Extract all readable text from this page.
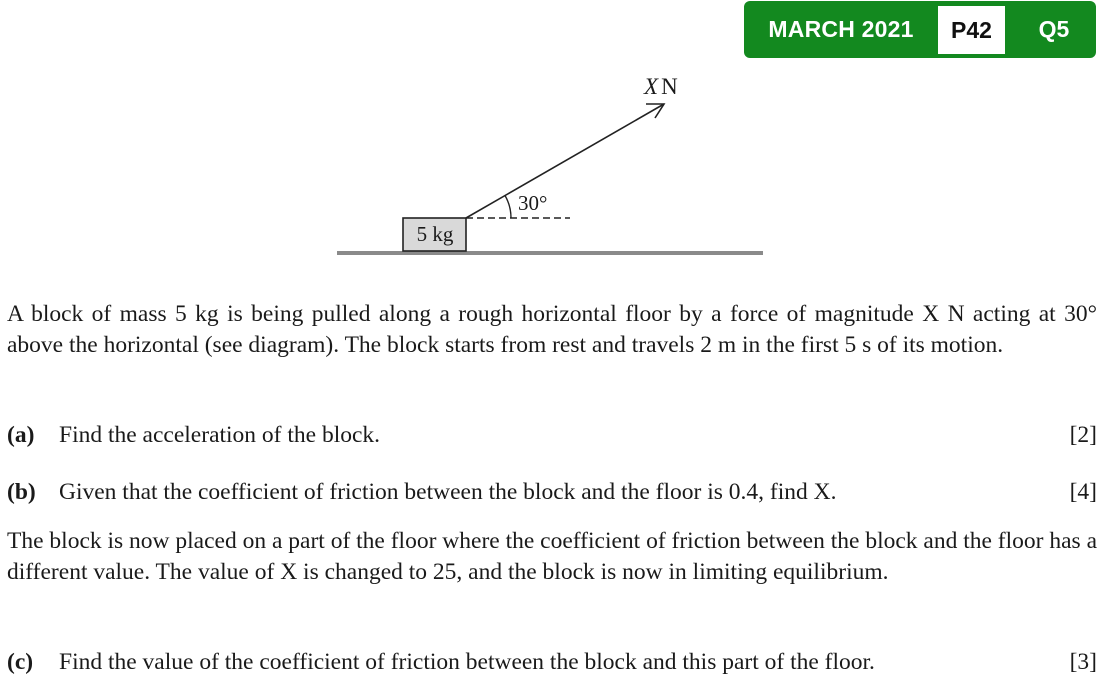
MARCH 2021	P42	Q5
5 kg
30°
X N
A block of mass 5 kg is being pulled along a rough horizontal floor by a force of magnitude X N acting at 30° above the horizontal (see diagram). The block starts from rest and travels 2 m in the first 5 s of its motion.
(a) Find the acceleration of the block.	[2]
(b) Given that the coefficient of friction between the block and the floor is 0.4, find X.	[4]
The block is now placed on a part of the floor where the coefficient of friction between the block and the floor has a different value. The value of X is changed to 25, and the block is now in limiting equilibrium.
(c) Find the value of the coefficient of friction between the block and this part of the floor.	[3]
